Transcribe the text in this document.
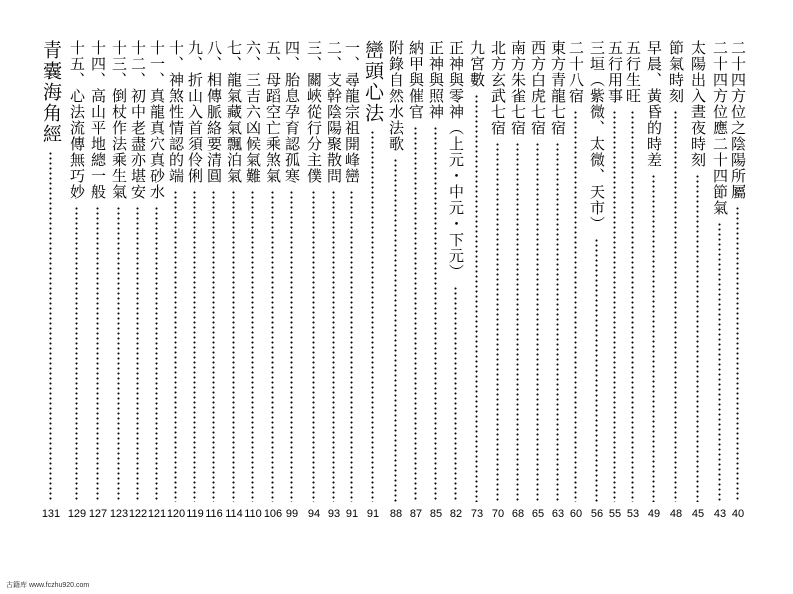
二十四方位之陰陽所屬
40
二十四方位應二十四節氣
43
太陽出入晝夜時刻
45
節氣時刻
48
早晨、黃昏的時差
49
五行生旺
53
五行用事
55
三垣（紫微、太微、天市）
56
二十八宿
60
東方青龍七宿
63
西方白虎七宿
65
南方朱雀七宿
68
北方玄武七宿
70
九宮數
73
正神與零神（上元・中元・下元）
82
正神與照神
85
納甲與催官
87
附錄自然水法歌
88
巒頭心法
91
一、尋龍宗祖開峰巒
91
二、支幹陰陽聚散問
93
三、關峽從行分主僕
94
四、胎息孕育認孤寒
99
五、母蹈空亡乘煞氣
106
六、三吉六凶候氣難
110
七、龍氣藏氣飄泊氣
114
八、相傳脈絡要清圓
116
九、折山入首須伶俐
119
十、神煞性情認的端
120
十一、真龍真穴真砂水
121
十二、初中老盡亦堪安
122
十三、倒杖作法乘生氣
123
十四、高山平地總一般
127
十五、心法流傳無巧妙
129
青囊海角經
131
古籍库 www.fczhu920.com
